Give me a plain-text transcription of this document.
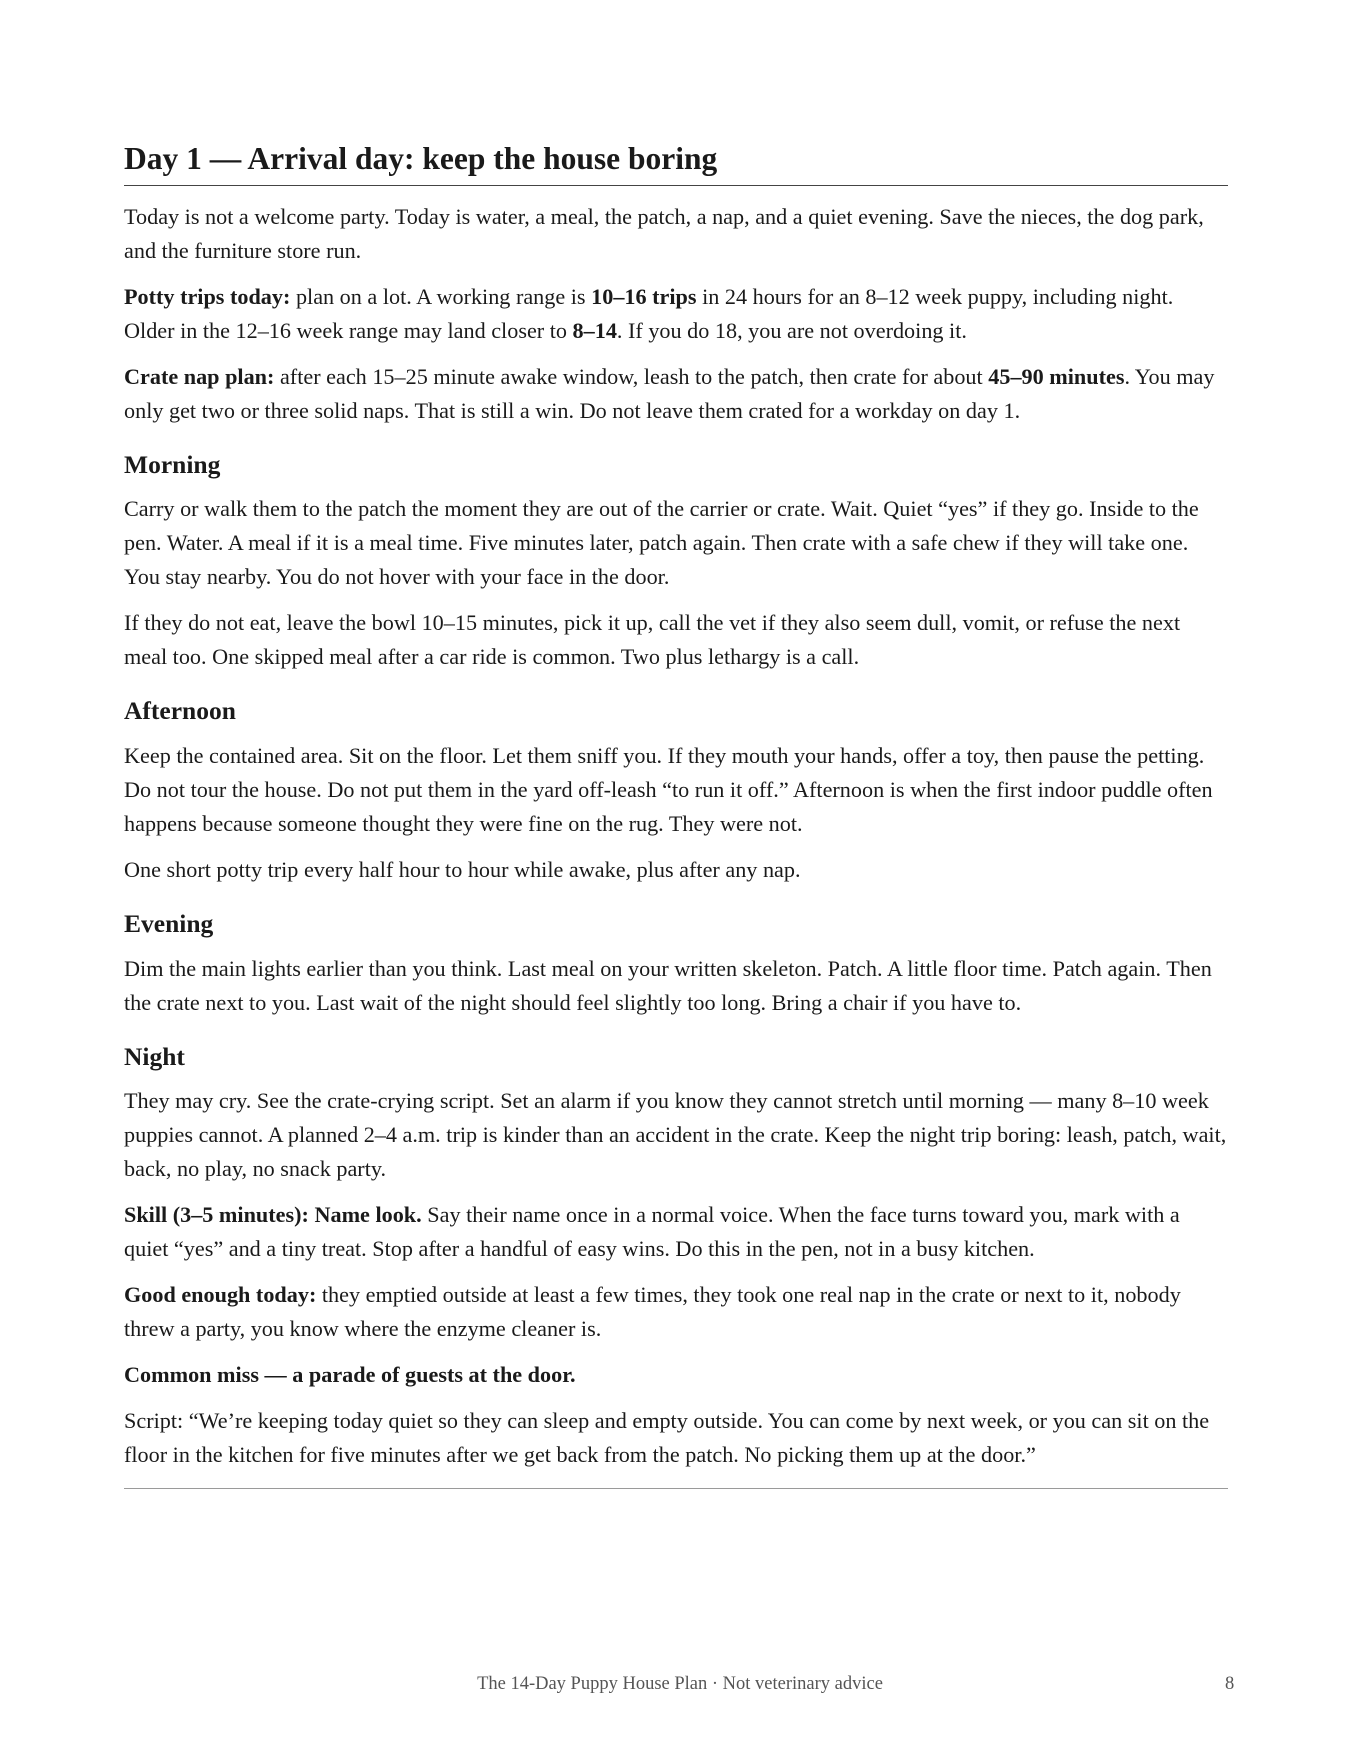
Day 1 — Arrival day: keep the house boring

Today is not a welcome party. Today is water, a meal, the patch, a nap, and a quiet evening. Save the nieces, the dog park, and the furniture store run.

Potty trips today: plan on a lot. A working range is 10–16 trips in 24 hours for an 8–12 week puppy, including night. Older in the 12–16 week range may land closer to 8–14. If you do 18, you are not overdoing it.

Crate nap plan: after each 15–25 minute awake window, leash to the patch, then crate for about 45–90 minutes. You may only get two or three solid naps. That is still a win. Do not leave them crated for a workday on day 1.

Morning

Carry or walk them to the patch the moment they are out of the carrier or crate. Wait. Quiet “yes” if they go. Inside to the pen. Water. A meal if it is a meal time. Five minutes later, patch again. Then crate with a safe chew if they will take one. You stay nearby. You do not hover with your face in the door.

If they do not eat, leave the bowl 10–15 minutes, pick it up, call the vet if they also seem dull, vomit, or refuse the next meal too. One skipped meal after a car ride is common. Two plus lethargy is a call.

Afternoon

Keep the contained area. Sit on the floor. Let them sniff you. If they mouth your hands, offer a toy, then pause the petting. Do not tour the house. Do not put them in the yard off-leash “to run it off.” Afternoon is when the first indoor puddle often happens because someone thought they were fine on the rug. They were not.

One short potty trip every half hour to hour while awake, plus after any nap.

Evening

Dim the main lights earlier than you think. Last meal on your written skeleton. Patch. A little floor time. Patch again. Then the crate next to you. Last wait of the night should feel slightly too long. Bring a chair if you have to.

Night

They may cry. See the crate-crying script. Set an alarm if you know they cannot stretch until morning — many 8–10 week puppies cannot. A planned 2–4 a.m. trip is kinder than an accident in the crate. Keep the night trip boring: leash, patch, wait, back, no play, no snack party.

Skill (3–5 minutes): Name look. Say their name once in a normal voice. When the face turns toward you, mark with a quiet “yes” and a tiny treat. Stop after a handful of easy wins. Do this in the pen, not in a busy kitchen.

Good enough today: they emptied outside at least a few times, they took one real nap in the crate or next to it, nobody threw a party, you know where the enzyme cleaner is.

Common miss — a parade of guests at the door.

Script: “We’re keeping today quiet so they can sleep and empty outside. You can come by next week, or you can sit on the floor in the kitchen for five minutes after we get back from the patch. No picking them up at the door.”

The 14-Day Puppy House Plan · Not veterinary advice	8
